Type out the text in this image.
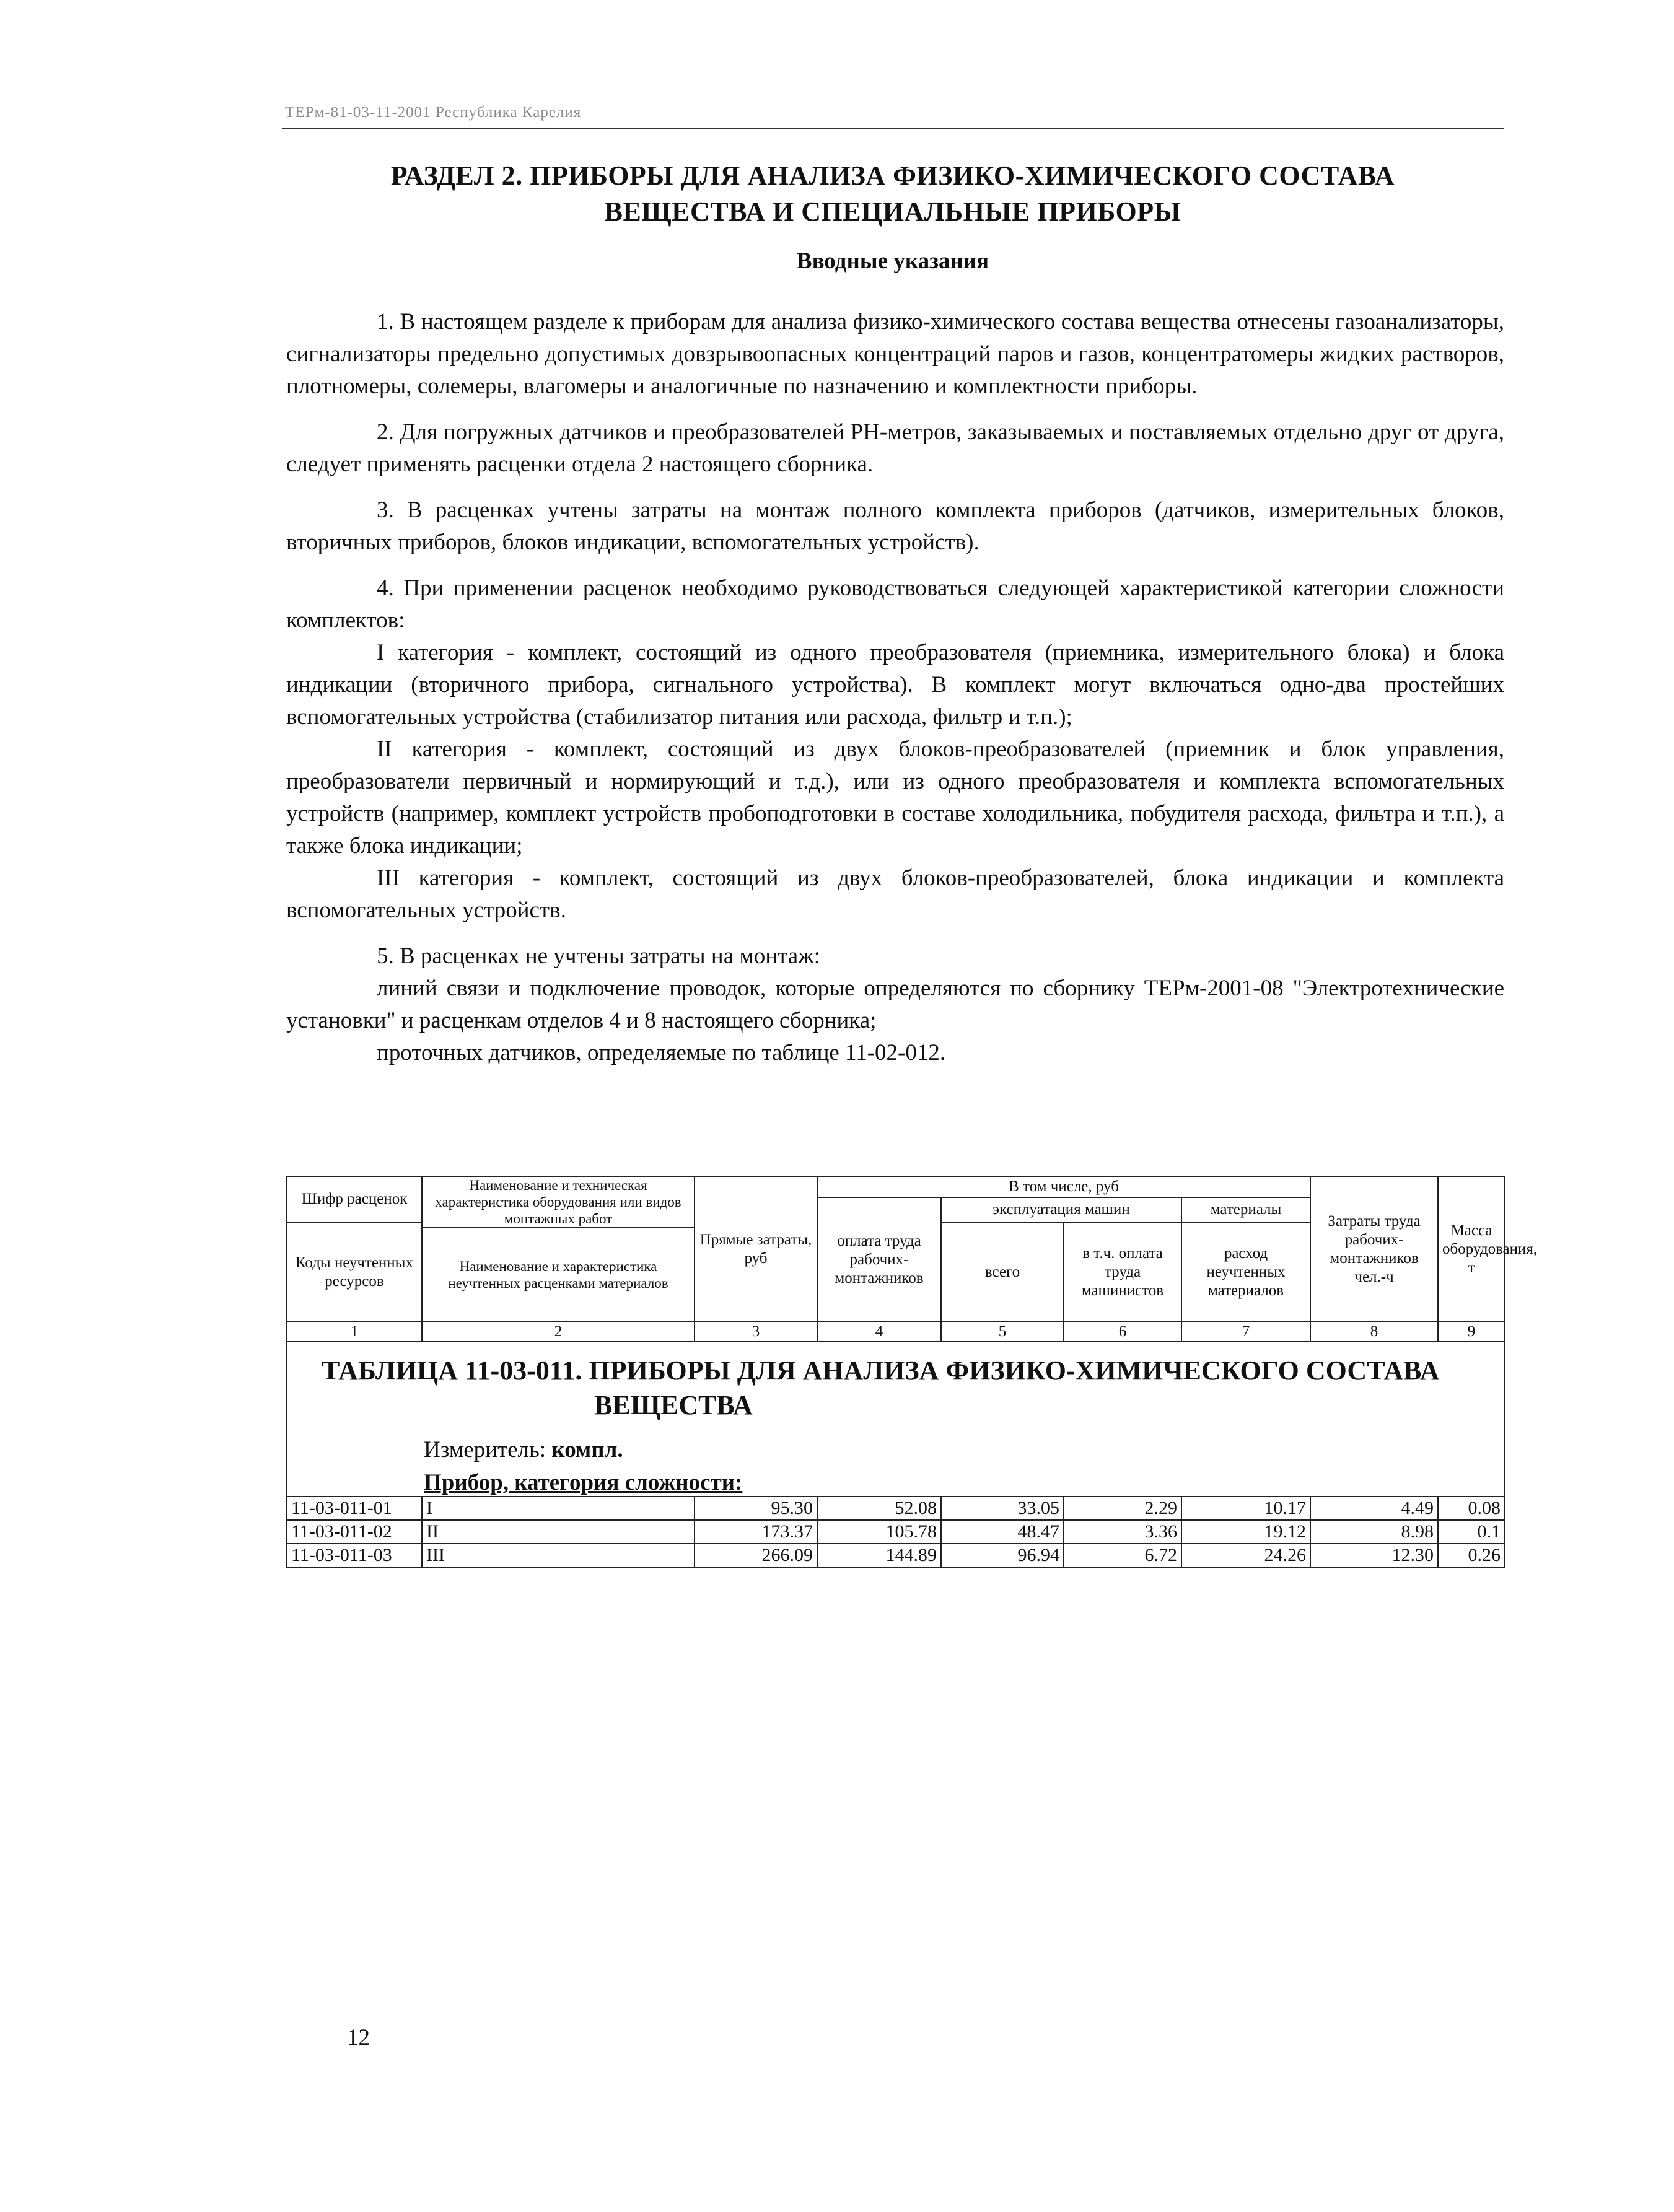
ТЕРм-81-03-11-2001 Республика Карелия
РАЗДЕЛ 2. ПРИБОРЫ ДЛЯ АНАЛИЗА ФИЗИКО-ХИМИЧЕСКОГО СОСТАВА
ВЕЩЕСТВА И СПЕЦИАЛЬНЫЕ ПРИБОРЫ
Вводные указания

1. В настоящем разделе к приборам для анализа физико-химического состава вещества отнесены газоанализаторы, сигнализаторы предельно допустимых довзрывоопасных концентраций паров и газов, концентратомеры жидких растворов, плотномеры, солемеры, влагомеры и аналогичные по назначению и комплектности приборы.

2. Для погружных датчиков и преобразователей РН-метров, заказываемых и поставляемых отдельно друг от друга, следует применять расценки отдела 2 настоящего сборника.

3. В расценках учтены затраты на монтаж полного комплекта приборов (датчиков, измерительных блоков, вторичных приборов, блоков индикации, вспомогательных устройств).

4. При применении расценок необходимо руководствоваться следующей характеристикой категории сложности комплектов:

I категория - комплект, состоящий из одного преобразователя (приемника, измерительного блока) и блока индикации (вторичного прибора, сигнального устройства). В комплект могут включаться одно-два простейших вспомогательных устройства (стабилизатор питания или расхода, фильтр и т.п.);

II категория - комплект, состоящий из двух блоков-преобразователей (приемник и блок управления, преобразователи первичный и нормирующий и т.д.), или из одного преобразователя и комплекта вспомогательных устройств (например, комплект устройств пробоподготовки в составе холодильника, побудителя расхода, фильтра и т.п.), а также блока индикации;

III категория - комплект, состоящий из двух блоков-преобразователей, блока индикации и комплекта вспомогательных устройств.

5. В расценках не учтены затраты на монтаж:

линий связи и подключение проводок, которые определяются по сборнику ТЕРм-2001-08 "Электротехнические установки" и расценкам отделов 4 и 8 настоящего сборника;

проточных датчиков, определяемые по таблице 11-02-012.

Шифр расценок	Наименование и техническая характеристика оборудования или видов монтажных работ	Прямые затраты, руб	В том числе, руб				Затраты труда рабочих-монтажников чел.-ч	Масса оборудования, т
			оплата труда рабочих-монтажников	эксплуатация машин		материалы		
Коды неучтенных ресурсов				всего	в т.ч. оплата труда машинистов	расход неучтенных материалов		
	Наименование и характеристика неучтенных расценками материалов							

1	2	3	4	5	6	7	8	9

ТАБЛИЦА 11-03-011. ПРИБОРЫ ДЛЯ АНАЛИЗА ФИЗИКО-ХИМИЧЕСКОГО СОСТАВА
ВЕЩЕСТВА
Измеритель: компл.								

Прибор, категория сложности:								
11-03-011-01	I	95.30	52.08	33.05	2.29	10.17	4.49	0.08
11-03-011-02	II	173.37	105.78	48.47	3.36	19.12	8.98	0.1
11-03-011-03	III	266.09	144.89	96.94	6.72	24.26	12.30	0.26
12
